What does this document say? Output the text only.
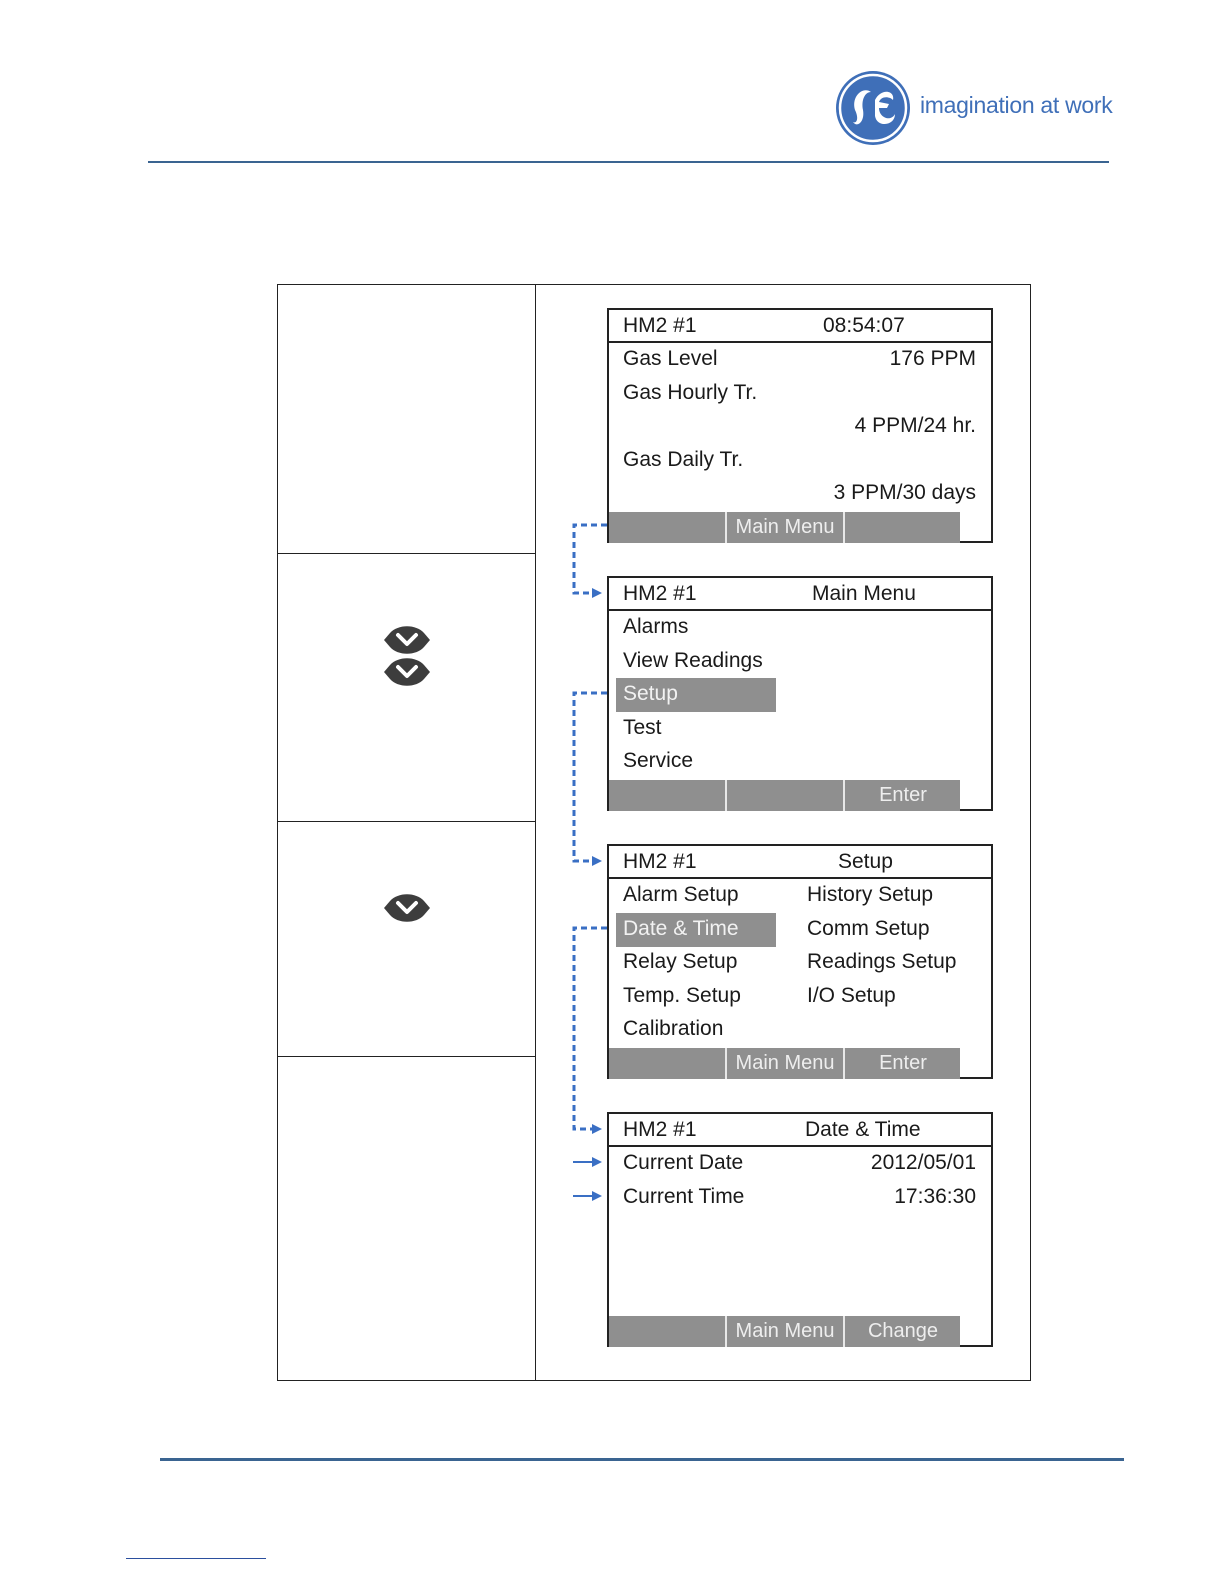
imagination at work
HM2 #1	08:54:07
Gas Level	176 PPM
Gas Hourly Tr.
4 PPM/24 hr.
Gas Daily Tr.
3 PPM/30 days
Main Menu
HM2 #1	Main Menu
Alarms
View Readings
Setup
Test
Service
Enter
HM2 #1	Setup
Alarm Setup
Date & Time
Relay Setup
Temp. Setup
Calibration
History Setup
Comm Setup
Readings Setup
I/O Setup
Main Menu	Enter
HM2 #1	Date & Time
Current Date	2012/05/01
Current Time	17:36:30
Main Menu	Change
